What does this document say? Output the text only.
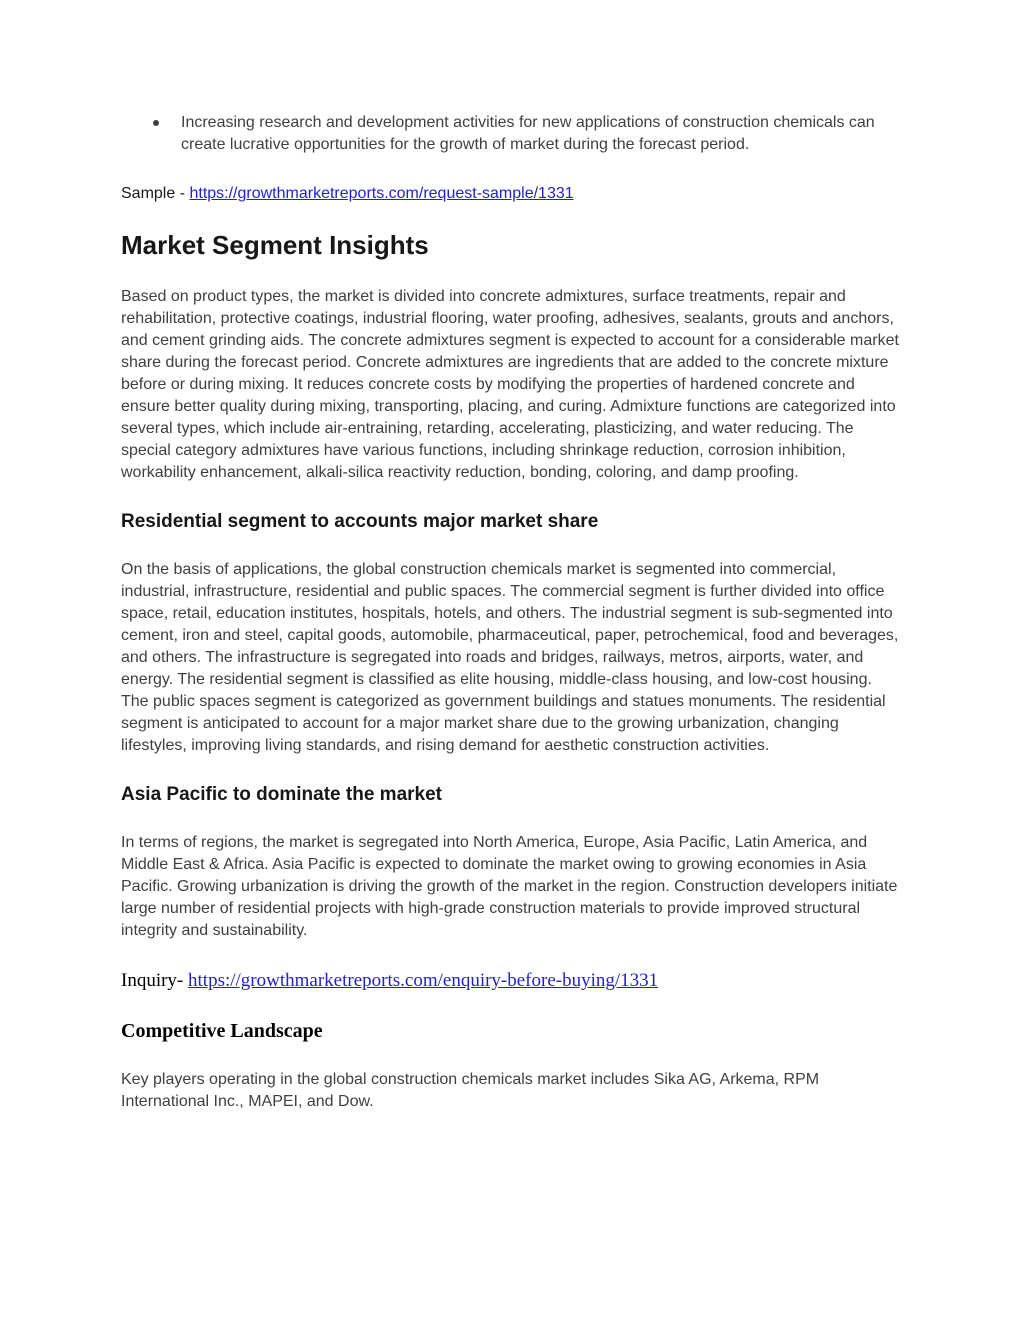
Increasing research and development activities for new applications of construction chemicals can create lucrative opportunities for the growth of market during the forecast period.
Sample - https://growthmarketreports.com/request-sample/1331
Market Segment Insights

Based on product types, the market is divided into concrete admixtures, surface treatments, repair and rehabilitation, protective coatings, industrial flooring, water proofing, adhesives, sealants, grouts and anchors, and cement grinding aids. The concrete admixtures segment is expected to account for a considerable market share during the forecast period. Concrete admixtures are ingredients that are added to the concrete mixture before or during mixing. It reduces concrete costs by modifying the properties of hardened concrete and ensure better quality during mixing, transporting, placing, and curing. Admixture functions are categorized into several types, which include air-entraining, retarding, accelerating, plasticizing, and water reducing. The special category admixtures have various functions, including shrinkage reduction, corrosion inhibition, workability enhancement, alkali-silica reactivity reduction, bonding, coloring, and damp proofing.

Residential segment to accounts major market share

On the basis of applications, the global construction chemicals market is segmented into commercial, industrial, infrastructure, residential and public spaces. The commercial segment is further divided into office space, retail, education institutes, hospitals, hotels, and others. The industrial segment is sub-segmented into cement, iron and steel, capital goods, automobile, pharmaceutical, paper, petrochemical, food and beverages, and others. The infrastructure is segregated into roads and bridges, railways, metros, airports, water, and energy. The residential segment is classified as elite housing, middle-class housing, and low-cost housing. The public spaces segment is categorized as government buildings and statues monuments. The residential segment is anticipated to account for a major market share due to the growing urbanization, changing lifestyles, improving living standards, and rising demand for aesthetic construction activities.

Asia Pacific to dominate the market

In terms of regions, the market is segregated into North America, Europe, Asia Pacific, Latin America, and Middle East & Africa. Asia Pacific is expected to dominate the market owing to growing economies in Asia Pacific. Growing urbanization is driving the growth of the market in the region. Construction developers initiate large number of residential projects with high-grade construction materials to provide improved structural integrity and sustainability.

Inquiry- https://growthmarketreports.com/enquiry-before-buying/1331
Competitive Landscape

Key players operating in the global construction chemicals market includes Sika AG, Arkema, RPM International Inc., MAPEI, and Dow.
